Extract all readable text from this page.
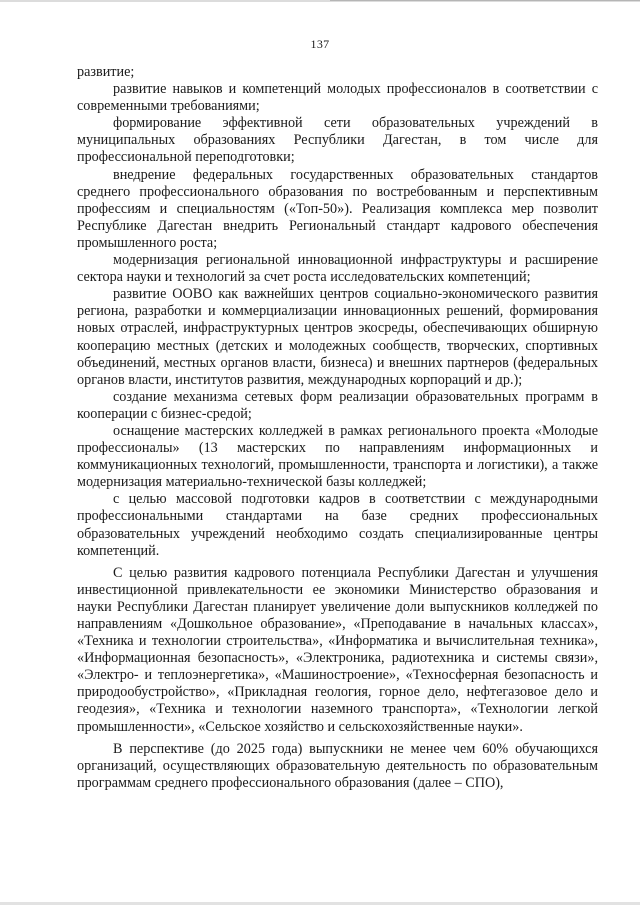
137

развитие;

развитие навыков и компетенций молодых профессионалов в соответствии с современными требованиями;

формирование эффективной сети образовательных учреждений в муниципальных образованиях Республики Дагестан, в том числе для профессиональной переподготовки;

внедрение федеральных государственных образовательных стандартов среднего профессионального образования по востребованным и перспективным профессиям и специальностям («Топ-50»). Реализация комплекса мер позволит Республике Дагестан внедрить Региональный стандарт кадрового обеспечения промышленного роста;

модернизация региональной инновационной инфраструктуры и расширение сектора науки и технологий за счет роста исследовательских компетенций;

развитие ООВО как важнейших центров социально-экономического развития региона, разработки и коммерциализации инновационных решений, формирования новых отраслей, инфраструктурных центров экосреды, обеспечивающих обширную кооперацию местных (детских и молодежных сообществ, творческих, спортивных объединений, местных органов власти, бизнеса) и внешних партнеров (федеральных органов власти, институтов развития, международных корпораций и др.);

создание механизма сетевых форм реализации образовательных программ в кооперации с бизнес-средой;

оснащение мастерских колледжей в рамках регионального проекта «Молодые профессионалы» (13 мастерских по направлениям информационных и коммуникационных технологий, промышленности, транспорта и логистики), а также модернизация материально-технической базы колледжей;

с целью массовой подготовки кадров в соответствии с международными профессиональными стандартами на базе средних профессиональных образовательных учреждений необходимо создать специализированные центры компетенций.

С целью развития кадрового потенциала Республики Дагестан и улучшения инвестиционной привлекательности ее экономики Министерство образования и науки Республики Дагестан планирует увеличение доли выпускников колледжей по направлениям «Дошкольное образование», «Преподавание в начальных классах», «Техника и технологии строительства», «Информатика и вычислительная техника», «Информационная безопасность», «Электроника, радиотехника и системы связи», «Электро- и теплоэнергетика», «Машиностроение», «Техносферная безопасность и природообустройство», «Прикладная геология, горное дело, нефтегазовое дело и геодезия», «Техника и технологии наземного транспорта», «Технологии легкой промышленности», «Сельское хозяйство и сельскохозяйственные науки».

В перспективе (до 2025 года) выпускники не менее чем 60% обучающихся организаций, осуществляющих образовательную деятельность по образовательным программам среднего профессионального образования (далее – СПО),
